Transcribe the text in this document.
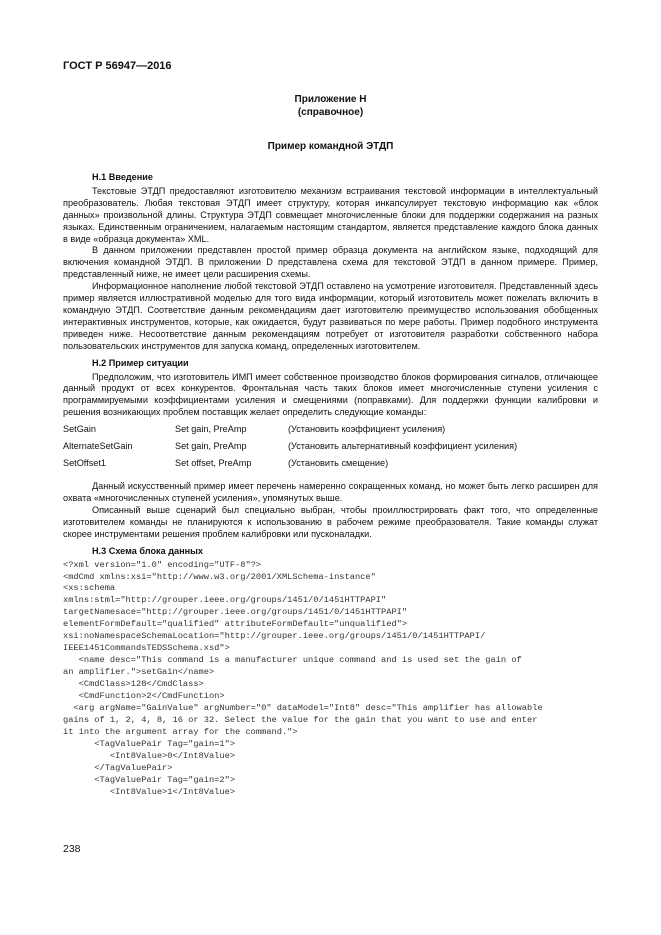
ГОСТ Р 56947—2016
Приложение Н
(справочное)
Пример командной ЭТДП
Н.1 Введение

Текстовые ЭТДП предоставляют изготовителю механизм встраивания текстовой информации в интеллектуальный преобразователь. Любая текстовая ЭТДП имеет структуру, которая инкапсулирует текстовую информацию как «блок данных» произвольной длины. Структура ЭТДП совмещает многочисленные блоки для поддержки содержания на разных языках. Единственным ограничением, налагаемым настоящим стандартом, является представление каждого блока данных в виде «образца документа» XML.

В данном приложении представлен простой пример образца документа на английском языке, подходящий для включения командной ЭТДП. В приложении D представлена схема для текстовой ЭТДП в данном примере. Пример, представленный ниже, не имеет цели расширения схемы.

Информационное наполнение любой текстовой ЭТДП оставлено на усмотрение изготовителя. Представленный здесь пример является иллюстративной моделью для того вида информации, который изготовитель может пожелать включить в командную ЭТДП. Соответствие данным рекомендациям дает изготовителю преимущество использования обобщенных интерактивных инструментов, которые, как ожидается, будут развиваться по мере работы. Пример подобного инструмента приведен ниже. Несоответствие данным рекомендациям потребует от изготовителя разработки собственного набора пользовательских инструментов для запуска команд, определенных изготовителем.

Н.2 Пример ситуации

Предположим, что изготовитель ИМП имеет собственное производство блоков формирования сигналов, отличающее данный продукт от всех конкурентов. Фронтальная часть таких блоков имеет многочисленные ступени усиления с программируемыми коэффициентами усиления и смещениями (поправками). Для поддержки функции калибровки и решения возникающих проблем поставщик желает определить следующие команды:

SetGain	Set gain, PreAmp	(Установить коэффициент усиления)
AlternateSetGain	Set gain, PreAmp	(Установить альтернативный коэффициент усиления)
SetOffset1	Set offset, PreAmp	(Установить смещение)

Данный искусственный пример имеет перечень намеренно сокращенных команд, но может быть легко расширен для охвата «многочисленных ступеней усиления», упомянутых выше.

Описанный выше сценарий был специально выбран, чтобы проиллюстрировать факт того, что определенные изготовителем команды не планируются к использованию в рабочем режиме преобразователя. Такие команды служат скорее инструментами решения проблем калибровки или пусконаладки.

Н.3 Схема блока данных
<?xml version="1.0" encoding="UTF-8"?>
<mdCmd xmlns:xsi="http://www.w3.org/2001/XMLSchema-instance"
<xs:schema
xmlns:stml="http://grouper.ieee.org/groups/1451/0/1451HTTPAPI"
targetNamesace="http://grouper.ieee.org/groups/1451/0/1451HTTPAPI"
elementFormDefault="qualified" attributeFormDefault="unqualified">
xsi:noNamespaceSchemaLocation="http://grouper.ieee.org/groups/1451/0/1451HTTPAPI/
IEEE1451CommandsTEDSSchema.xsd">
<name desc="This command is a manufacturer unique command and is used set the gain of
an amplifier.">setGain</name>
<CmdClass>128</CmdClass>
<CmdFunction>2</CmdFunction>
<arg argName="GainValue" argNumber="0" dataModel="Int8" desc="This amplifier has allowable
gains of 1, 2, 4, 8, 16 or 32. Select the value for the gain that you want to use and enter
it into the argument array for the command.">
<TagValuePair Tag="gain=1">
<Int8Value>0</Int8Value>
</TagValuePair>
<TagValuePair Tag="gain=2">
<Int8Value>1</Int8Value>
238
